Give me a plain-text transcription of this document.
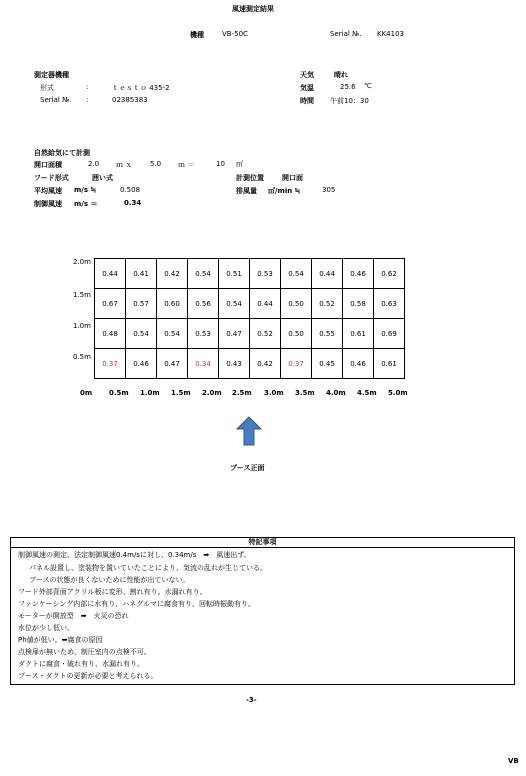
風速測定結果
機種	VB-50C	Serial №. KK4103
測定器機種
形式	:	ｔｅｓｔｏ 435-2
Serial №. :	02385383
天気	晴れ
気温	25.6 ℃
時間 午前10：30
自然給気にて計測
開口面積	2.0 ｍ ｘ	5.0 ｍ ＝	10 ㎡
フード形式	囲い式	計測位置	開口面
平均風速 m/s ≒	0.508	排風量 ㎥/min ≒	305
制御風速 m/s ＝	0.34
0.44	0.41	0.42	0.54	0.51	0.53	0.54	0.44	0.46	0.62
0.67	0.57	0.60	0.56	0.54	0.44	0.50	0.52	0.58	0.63
0.48	0.54	0.54	0.53	0.47	0.52	0.50	0.55	0.61	0.69
0.37	0.46	0.47	0.34	0.43	0.42	0.37	0.45	0.46	0.61
2.0m
1.5m
1.0m
0.5m
0m 0.5m 1.0m 1.5m 2.0m 2.5m 3.0m 3.5m 4.0m 4.5m 5.0m
ブース正面
特記事項
制御風速の測定、法定制御風速0.4m/sに対し、0.34m/s　➡　風速出ず。
パネル設置し、塗装物を置いていたことにより、気流の乱れが生じている。
ブースの状態が良くないために性能が出ていない。
フード外部背面アクリル板に変形、割れ有り。水漏れ有り。
ファンケーシング内部に水有り、ハネグルマに腐食有り、回転時振動有り。
モーターが開放型　➡　火災の恐れ
水位が少し低い。
Ph値が低い。➡腐食の原因
点検扉が無いため、制圧室内の点検不可。
ダクトに腐食・破れ有り、水漏れ有り。
ブース・ダクトの更新が必要と考えられる。
-3-
VB
